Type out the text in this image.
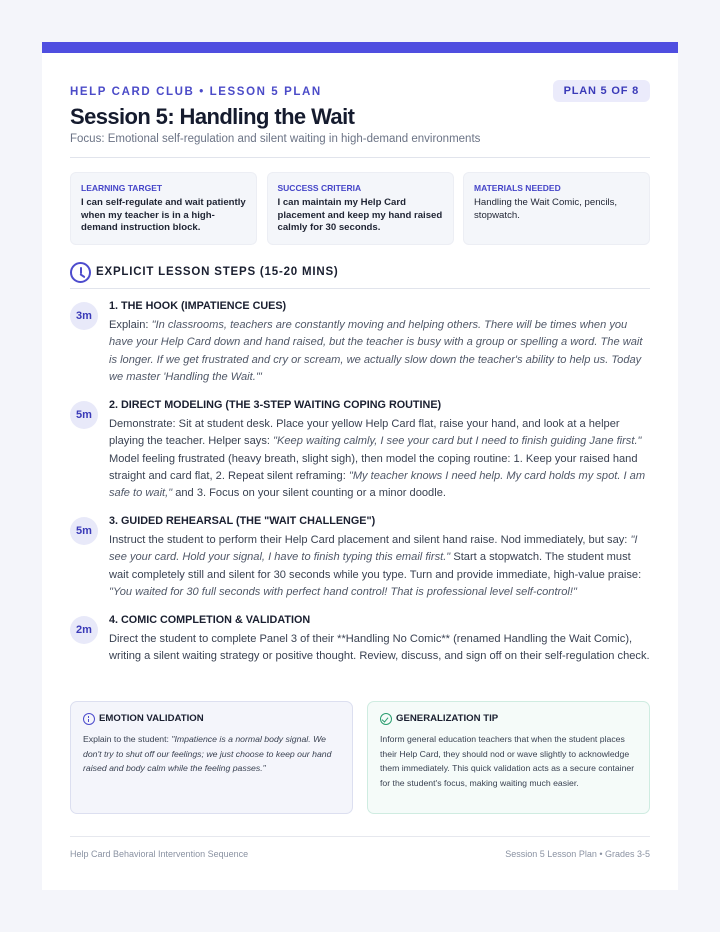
HELP CARD CLUB • LESSON 5 PLAN	PLAN 5 OF 8
Session 5: Handling the Wait
Focus: Emotional self-regulation and silent waiting in high-demand environments
LEARNING TARGET
I can self-regulate and wait patiently when my teacher is in a high-demand instruction block.
SUCCESS CRITERIA
I can maintain my Help Card placement and keep my hand raised calmly for 30 seconds.
MATERIALS NEEDED
Handling the Wait Comic, pencils, stopwatch.
EXPLICIT LESSON STEPS (15-20 MINS)
3m
1. THE HOOK (IMPATIENCE CUES)
Explain: "In classrooms, teachers are constantly moving and helping others. There will be times when you have your Help Card down and hand raised, but the teacher is busy with a group or spelling a word. The wait is longer. If we get frustrated and cry or scream, we actually slow down the teacher's ability to help us. Today we master 'Handling the Wait.'"
5m
2. DIRECT MODELING (THE 3-STEP WAITING COPING ROUTINE)
Demonstrate: Sit at student desk. Place your yellow Help Card flat, raise your hand, and look at a helper playing the teacher. Helper says: "Keep waiting calmly, I see your card but I need to finish guiding Jane first." Model feeling frustrated (heavy breath, slight sigh), then model the coping routine: 1. Keep your raised hand straight and card flat, 2. Repeat silent reframing: "My teacher knows I need help. My card holds my spot. I am safe to wait," and 3. Focus on your silent counting or a minor doodle.
5m
3. GUIDED REHEARSAL (THE "WAIT CHALLENGE")
Instruct the student to perform their Help Card placement and silent hand raise. Nod immediately, but say: "I see your card. Hold your signal, I have to finish typing this email first." Start a stopwatch. The student must wait completely still and silent for 30 seconds while you type. Turn and provide immediate, high-value praise: "You waited for 30 full seconds with perfect hand control! That is professional level self-control!"
2m
4. COMIC COMPLETION & VALIDATION
Direct the student to complete Panel 3 of their **Handling No Comic** (renamed Handling the Wait Comic), writing a silent waiting strategy or positive thought. Review, discuss, and sign off on their self-regulation check.
EMOTION VALIDATION
Explain to the student: "Impatience is a normal body signal. We don't try to shut off our feelings; we just choose to keep our hand raised and body calm while the feeling passes."
GENERALIZATION TIP
Inform general education teachers that when the student places their Help Card, they should nod or wave slightly to acknowledge them immediately. This quick validation acts as a secure container for the student's focus, making waiting much easier.
Help Card Behavioral Intervention Sequence	Session 5 Lesson Plan • Grades 3-5
